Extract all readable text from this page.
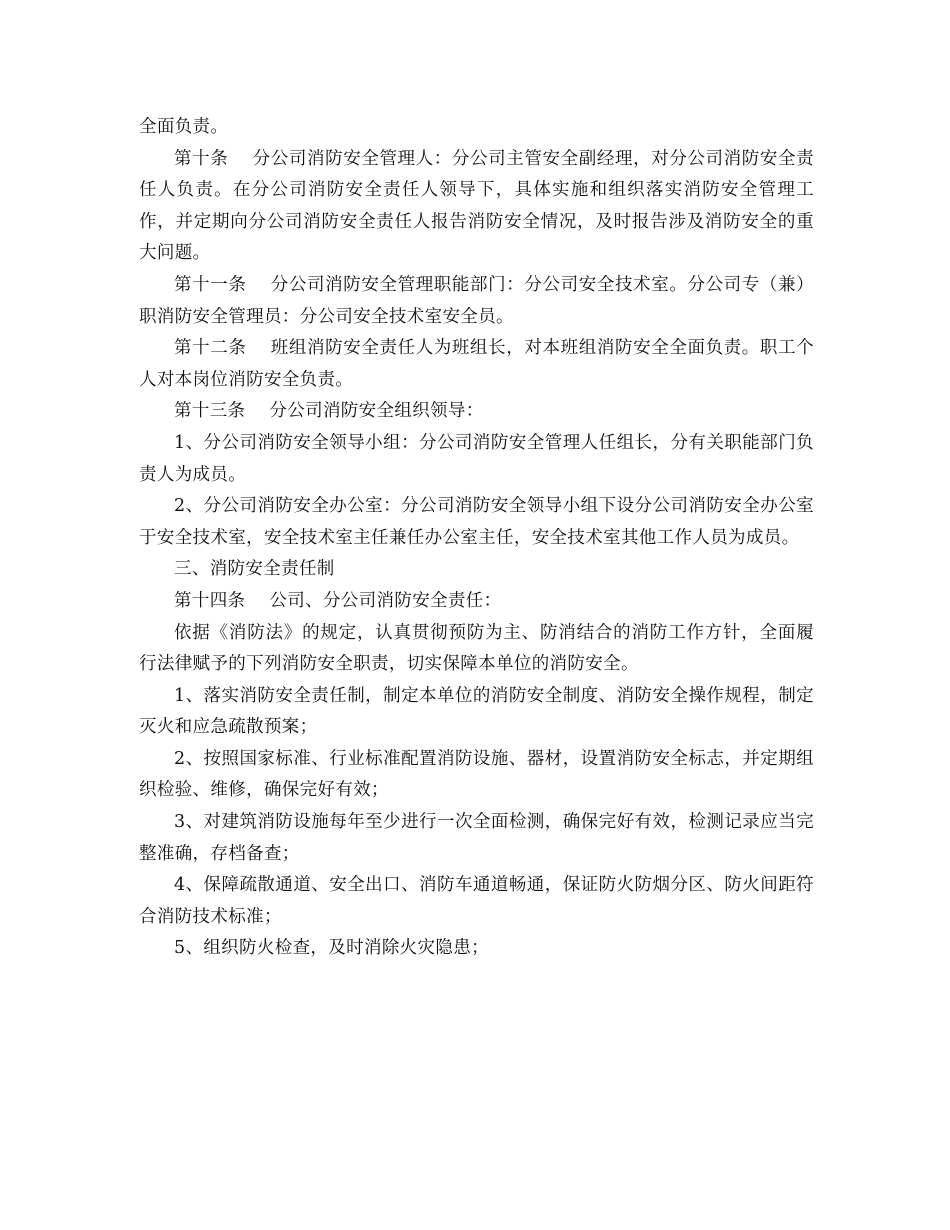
全面负责。

第十条 分公司消防安全管理人：分公司主管安全副经理，对分公司消防安全责任人负责。在分公司消防安全责任人领导下，具体实施和组织落实消防安全管理工作，并定期向分公司消防安全责任人报告消防安全情况，及时报告涉及消防安全的重大问题。

第十一条 分公司消防安全管理职能部门：分公司安全技术室。分公司专（兼）职消防安全管理员：分公司安全技术室安全员。

第十二条 班组消防安全责任人为班组长，对本班组消防安全全面负责。职工个人对本岗位消防安全负责。

第十三条 分公司消防安全组织领导：

1、分公司消防安全领导小组：分公司消防安全管理人任组长，分有关职能部门负责人为成员。

2、分公司消防安全办公室：分公司消防安全领导小组下设分公司消防安全办公室于安全技术室，安全技术室主任兼任办公室主任，安全技术室其他工作人员为成员。

三、消防安全责任制

第十四条 公司、分公司消防安全责任：

依据《消防法》的规定，认真贯彻预防为主、防消结合的消防工作方针，全面履行法律赋予的下列消防安全职责，切实保障本单位的消防安全。

1、落实消防安全责任制，制定本单位的消防安全制度、消防安全操作规程，制定灭火和应急疏散预案；

2、按照国家标准、行业标准配置消防设施、器材，设置消防安全标志，并定期组织检验、维修，确保完好有效；

3、对建筑消防设施每年至少进行一次全面检测，确保完好有效，检测记录应当完整准确，存档备查；

4、保障疏散通道、安全出口、消防车通道畅通，保证防火防烟分区、防火间距符合消防技术标准；

5、组织防火检查，及时消除火灾隐患；
